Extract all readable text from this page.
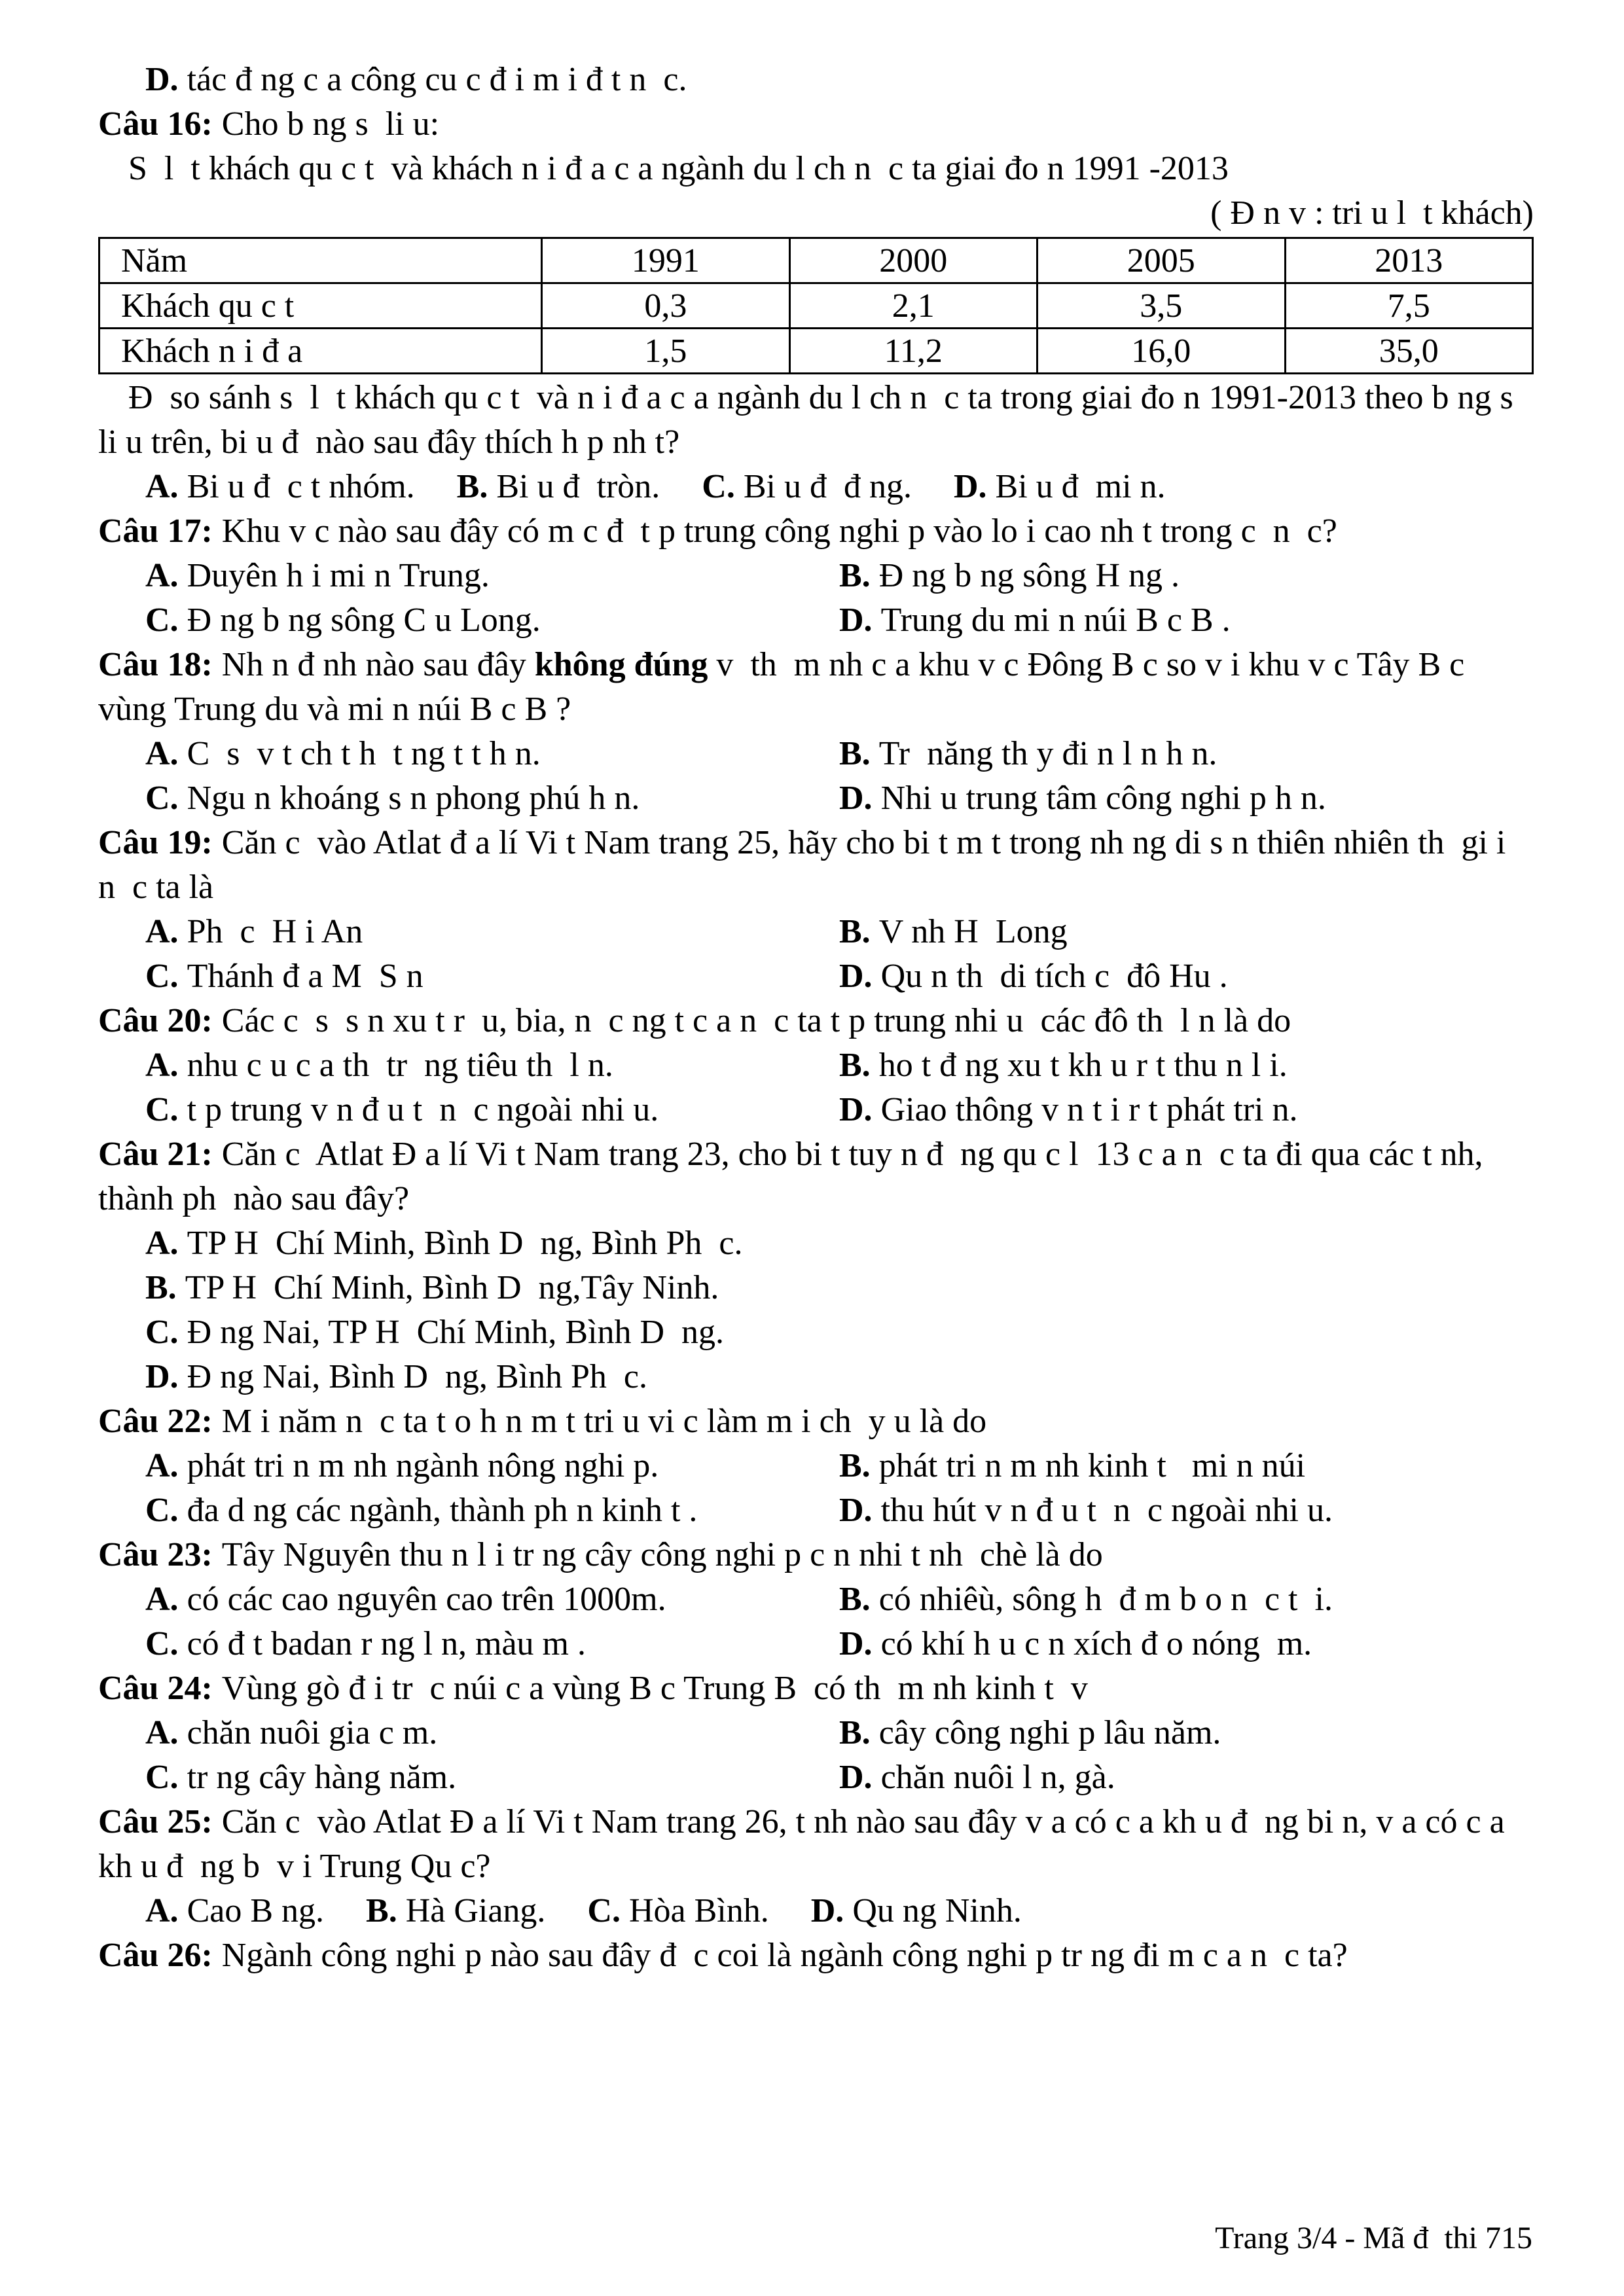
D. tác đ ng c a công cu c đ i m i đ t n  c.

Câu 16: Cho b ng s  li u:

S  l  t khách qu c t  và khách n i đ a c a ngành du l ch n  c ta giai đo n 1991 -2013

( Đ n v : tri u l  t khách)

Năm	1991	2000	2005	2013
Khách qu c t	0,3	2,1	3,5	7,5
Khách n i đ a	1,5	11,2	16,0	35,0

Đ  so sánh s  l  t khách qu c t  và n i đ a c a ngành du l ch n  c ta trong giai đo n 1991-2013 theo b ng s  li u trên, bi u đ  nào sau đây thích h p nh t?

A. Bi u đ  c t nhóm. B. Bi u đ  tròn. C. Bi u đ  đ ng. D. Bi u đ  mi n.

Câu 17: Khu v c nào sau đây có m c đ  t p trung công nghi p vào lo i cao nh t trong c  n  c?

A. Duyên h i mi n Trung.	B. Đ ng b ng sông H ng .
C. Đ ng b ng sông C u Long.	D. Trung du mi n núi B c B .

Câu 18: Nh n đ nh nào sau đây không đúng v  th  m nh c a khu v c Đông B c so v i khu v c Tây B c  vùng Trung du và mi n núi B c B ?

A. C  s  v t ch t h  t ng t t h n.	B. Tr  năng th y đi n l n h n.
C. Ngu n khoáng s n phong phú h n.	D. Nhi u trung tâm công nghi p h n.

Câu 19: Căn c  vào Atlat đ a lí Vi t Nam trang 25, hãy cho bi t m t trong nh ng di s n thiên nhiên th  gi i  n  c ta là

A. Ph  c  H i An	B. V nh H  Long
C. Thánh đ a M  S n	D. Qu n th  di tích c  đô Hu .

Câu 20: Các c  s  s n xu t r  u, bia, n  c ng t c a n  c ta t p trung nhi u  các đô th  l n là do

A. nhu c u c a th  tr  ng tiêu th  l n.	B. ho t đ ng xu t kh u r t thu n l i.
C. t p trung v n đ u t  n  c ngoài nhi u.	D. Giao thông v n t i r t phát tri n.

Câu 21: Căn c  Atlat Đ a lí Vi t Nam trang 23, cho bi t tuy n đ  ng qu c l  13 c a n  c ta đi qua các t nh, thành ph  nào sau đây?

A. TP H  Chí Minh, Bình D  ng, Bình Ph  c.
B. TP H  Chí Minh, Bình D  ng,Tây Ninh.
C. Đ ng Nai, TP H  Chí Minh, Bình D  ng.
D. Đ ng Nai, Bình D  ng, Bình Ph  c.

Câu 22: M i năm n  c ta t o h n m t tri u vi c làm m i ch  y u là do

A. phát tri n m nh ngành nông nghi p.	B. phát tri n m nh kinh t   mi n núi
C. đa d ng các ngành, thành ph n kinh t .	D. thu hút v n đ u t  n  c ngoài nhi u.

Câu 23: Tây Nguyên thu n l i tr ng cây công nghi p c n nhi t nh  chè là do

A. có các cao nguyên cao trên 1000m.	B. có nhiêù, sông h  đ m b o n  c t  i.
C. có đ t badan r ng l n, màu m .	D. có khí h u c n xích đ o nóng  m.

Câu 24: Vùng gò đ i tr  c núi c a vùng B c Trung B  có th  m nh kinh t  v

A. chăn nuôi gia c m.	B. cây công nghi p lâu năm.
C. tr ng cây hàng năm.	D. chăn nuôi l n, gà.

Câu 25: Căn c  vào Atlat Đ a lí Vi t Nam trang 26, t nh nào sau đây v a có c a kh u đ  ng bi n, v a có c a kh u đ  ng b  v i Trung Qu c?

A. Cao B ng. B. Hà Giang. C. Hòa Bình. D. Qu ng Ninh.

Câu 26: Ngành công nghi p nào sau đây đ  c coi là ngành công nghi p tr ng đi m c a n  c ta?

Trang 3/4 - Mã đ  thi 715
